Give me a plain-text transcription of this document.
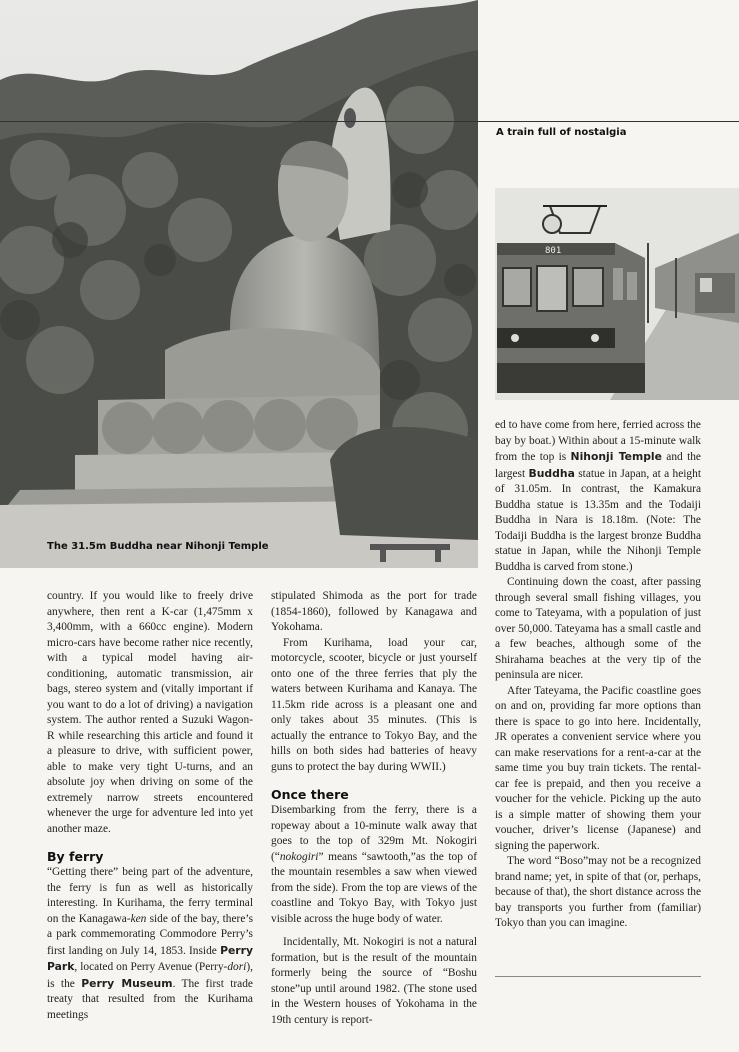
The 31.5m Buddha near Nihonji Temple
A train full of nostalgia
801

country. If you would like to freely drive anywhere, then rent a K-car (1,475mm x 3,400mm, with a 660cc engine). Modern micro-cars have become rather nice recently, with a typical model having air-conditioning, automatic transmission, air bags, stereo system and (vitally important if you want to do a lot of driving) a navigation system. The author rented a Suzuki Wagon-R while researching this article and found it a pleasure to drive, with sufficient power, able to make very tight U-turns, and an absolute joy when driving on some of the extremely narrow streets encountered whenever the urge for adventure led into yet another maze.

By ferry

“Getting there” being part of the adventure, the ferry is fun as well as historically interesting. In Kurihama, the ferry terminal on the Kanagawa-ken side of the bay, there’s a park commemorating Commodore Perry’s first landing on July 14, 1853. Inside Perry Park, located on Perry Avenue (Perry-dori), is the Perry Museum. The first trade treaty that resulted from the Kurihama meetings

stipulated Shimoda as the port for trade (1854-1860), followed by Kanagawa and Yokohama.

From Kurihama, load your car, motorcycle, scooter, bicycle or just yourself onto one of the three ferries that ply the waters between Kurihama and Kanaya. The 11.5km ride across is a pleasant one and only takes about 35 minutes. (This is actually the entrance to Tokyo Bay, and the hills on both sides had batteries of heavy guns to protect the bay during WWII.)

Once there

Disembarking from the ferry, there is a ropeway about a 10-minute walk away that goes to the top of 329m Mt. Nokogiri (“nokogiri” means “sawtooth,”as the top of the mountain resembles a saw when viewed from the side). From the top are views of the coastline and Tokyo Bay, with Tokyo just visible across the huge body of water.

Incidentally, Mt. Nokogiri is not a natural formation, but is the result of the mountain formerly being the source of “Boshu stone”up until around 1982. (The stone used in the Western houses of Yokohama in the 19th century is report-

ed to have come from here, ferried across the bay by boat.) Within about a 15-minute walk from the top is Nihonji Temple and the largest Buddha statue in Japan, at a height of 31.05m. In contrast, the Kamakura Buddha statue is 13.35m and the Todaiji Buddha in Nara is 18.18m. (Note: The Todaiji Buddha is the largest bronze Buddha statue in Japan, while the Nihonji Temple Buddha is carved from stone.)

Continuing down the coast, after passing through several small fishing villages, you come to Tateyama, with a population of just over 50,000. Tateyama has a small castle and a few beaches, although some of the Shirahama beaches at the very tip of the peninsula are nicer.

After Tateyama, the Pacific coastline goes on and on, providing far more options than there is space to go into here. Incidentally, JR operates a convenient service where you can make reservations for a rent-a-car at the same time you buy train tickets. The rental-car fee is prepaid, and then you receive a voucher for the vehicle. Picking up the auto is a simple matter of showing them your voucher, driver’s license (Japanese) and signing the paperwork.

The word “Boso”may not be a recognized brand name; yet, in spite of that (or, perhaps, because of that), the short distance across the bay transports you further from (familiar) Tokyo than you can imagine.
